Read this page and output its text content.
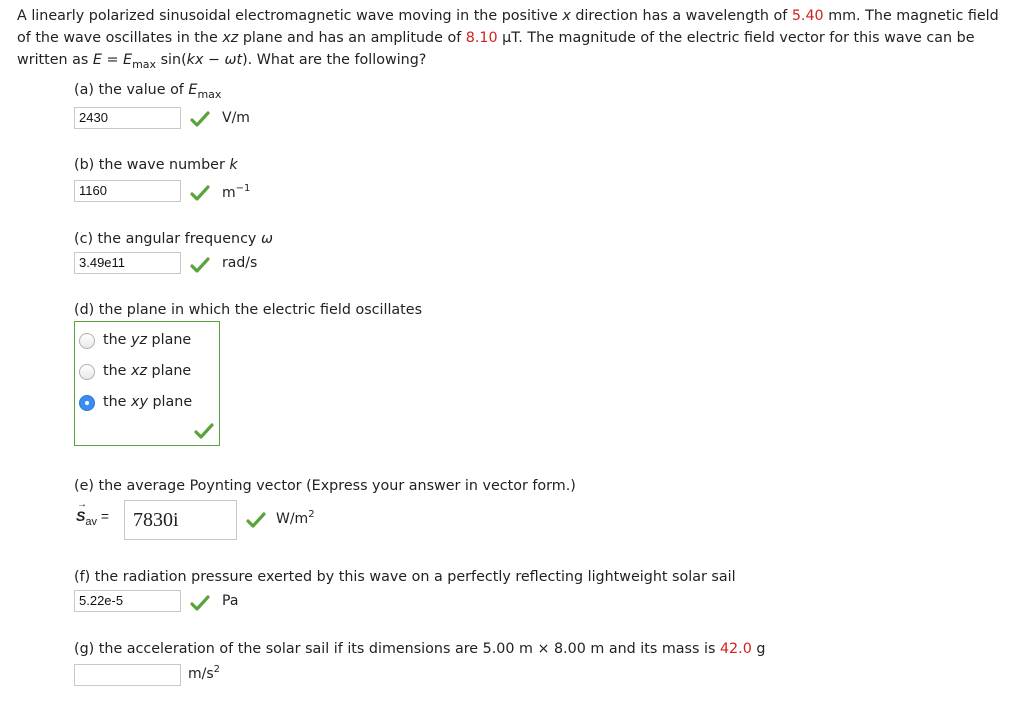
A linearly polarized sinusoidal electromagnetic wave moving in the positive x direction has a wavelength of 5.40 mm. The magnetic field
of the wave oscillates in the xz plane and has an amplitude of 8.10 µT. The magnitude of the electric field vector for this wave can be
written as $E = E_{max}$ sin(kx − ωt). What are the following?
(a) the value of $E_{max}$
2430	V/m
(b) the wave number k
1160	$m^{-1}$
(c) the angular frequency ω
3.49e11	rad/s
(d) the plane in which the electric field oscillates
the yz plane
the xz plane
the xy plane
(e) the average Poynting vector (Express your answer in vector form.)
→
$S_{av}$ =	7830i	$W/m^2$
(f) the radiation pressure exerted by this wave on a perfectly reflecting lightweight solar sail
5.22e-5	Pa
(g) the acceleration of the solar sail if its dimensions are 5.00 m × 8.00 m and its mass is 42.0 g
$m/s^2$
